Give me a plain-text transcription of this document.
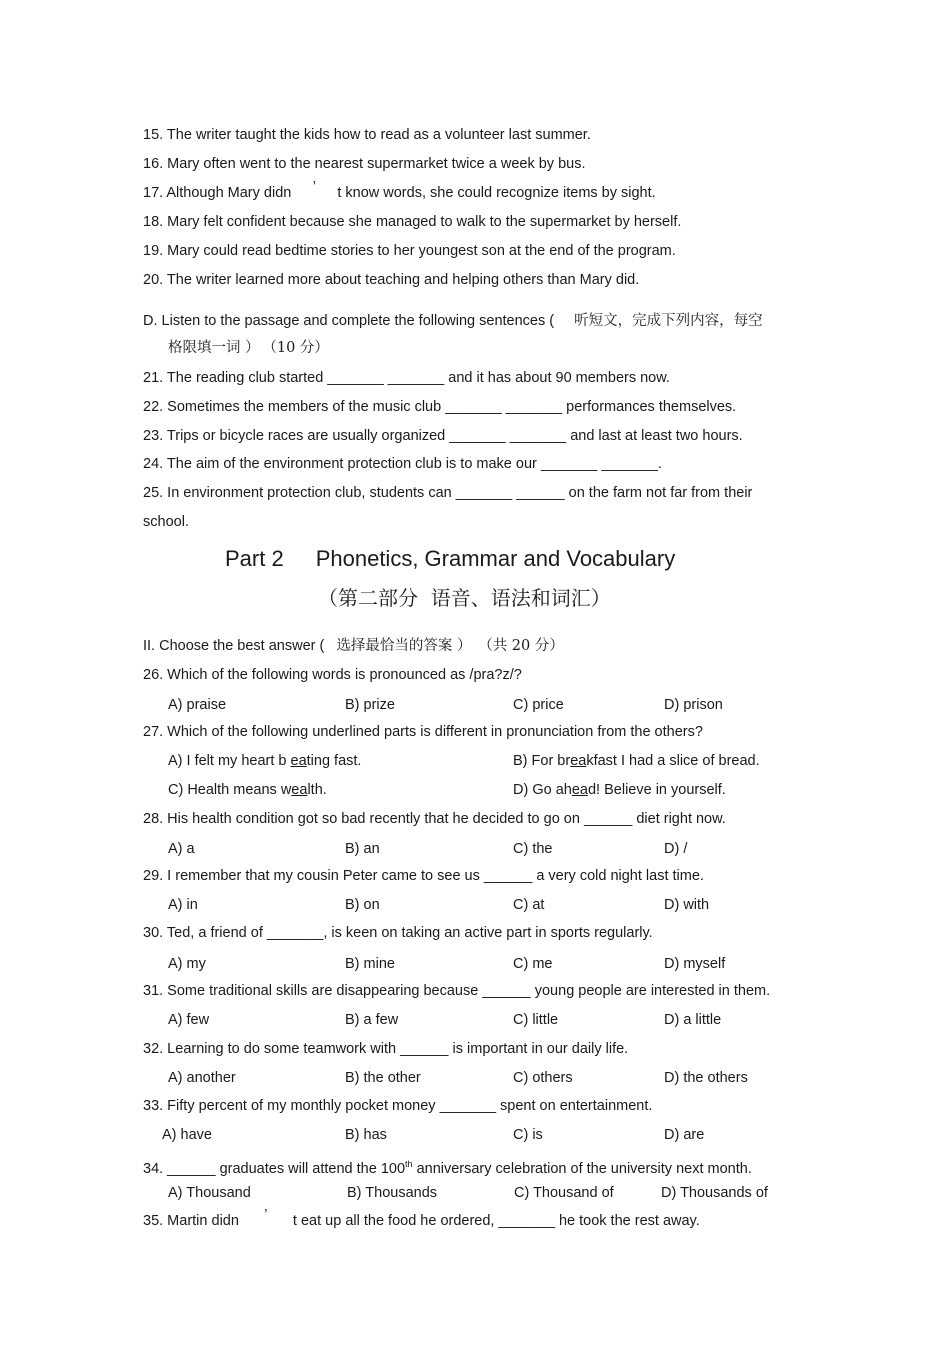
15. The writer taught the kids how to read as a volunteer last summer.
16. Mary often went to the nearest supermarket twice a week by bus.
17. Although Mary didn ’ t know words, she could recognize items by sight.
18. Mary felt confident because she managed to walk to the supermarket by herself.
19. Mary could read bedtime stories to her youngest son at the end of the program.
20. The writer learned more about teaching and helping others than Mary did.
D. Listen to the passage and complete the following sentences ( 听短文，完成下列内容，每空
格限填一词 ） （10 分）
21. The reading club started _______ _______ and it has about 90 members now.
22. Sometimes the members of the music club _______ _______ performances themselves.
23. Trips or bicycle races are usually organized _______ _______ and last at least two hours.
24. The aim of the environment protection club is to make our _______ _______.
25. In environment protection club, students can _______ ______ on the farm not far from their
school.
Part 2 Phonetics, Grammar and Vocabulary
（第二部分  语音、语法和词汇）
II. Choose the best answer ( 选择最恰当的答案 ） （共 20 分）
26. Which of the following words is pronounced as /pra?z/?
A) praise	B) prize	C) price	D) prison
27. Which of the following underlined parts is different in pronunciation from the others?
A) I felt my heart b eating fast.	B) For breakfast I had a slice of bread.
C) Health means wealth.	D) Go ahead! Believe in yourself.
28. His health condition got so bad recently that he decided to go on ______ diet right now.
A) a	B) an	C) the	D) /
29. I remember that my cousin Peter came to see us ______ a very cold night last time.
A) in	B) on	C) at	D) with
30. Ted, a friend of _______, is keen on taking an active part in sports regularly.
A) my	B) mine	C) me	D) myself
31. Some traditional skills are disappearing because ______ young people are interested in them.
A) few	B) a few	C) little	D) a little
32. Learning to do some teamwork with ______ is important in our daily life.
A) another	B) the other	C) others	D) the others
33. Fifty percent of my monthly pocket money _______ spent on entertainment.
A) have	B) has	C) is	D) are
34. ______ graduates will attend the 100th anniversary celebration of the university next month.
A) Thousand	B) Thousands	C) Thousand of	D) Thousands of
35. Martin didn ’ t eat up all the food he ordered, _______ he took the rest away.
